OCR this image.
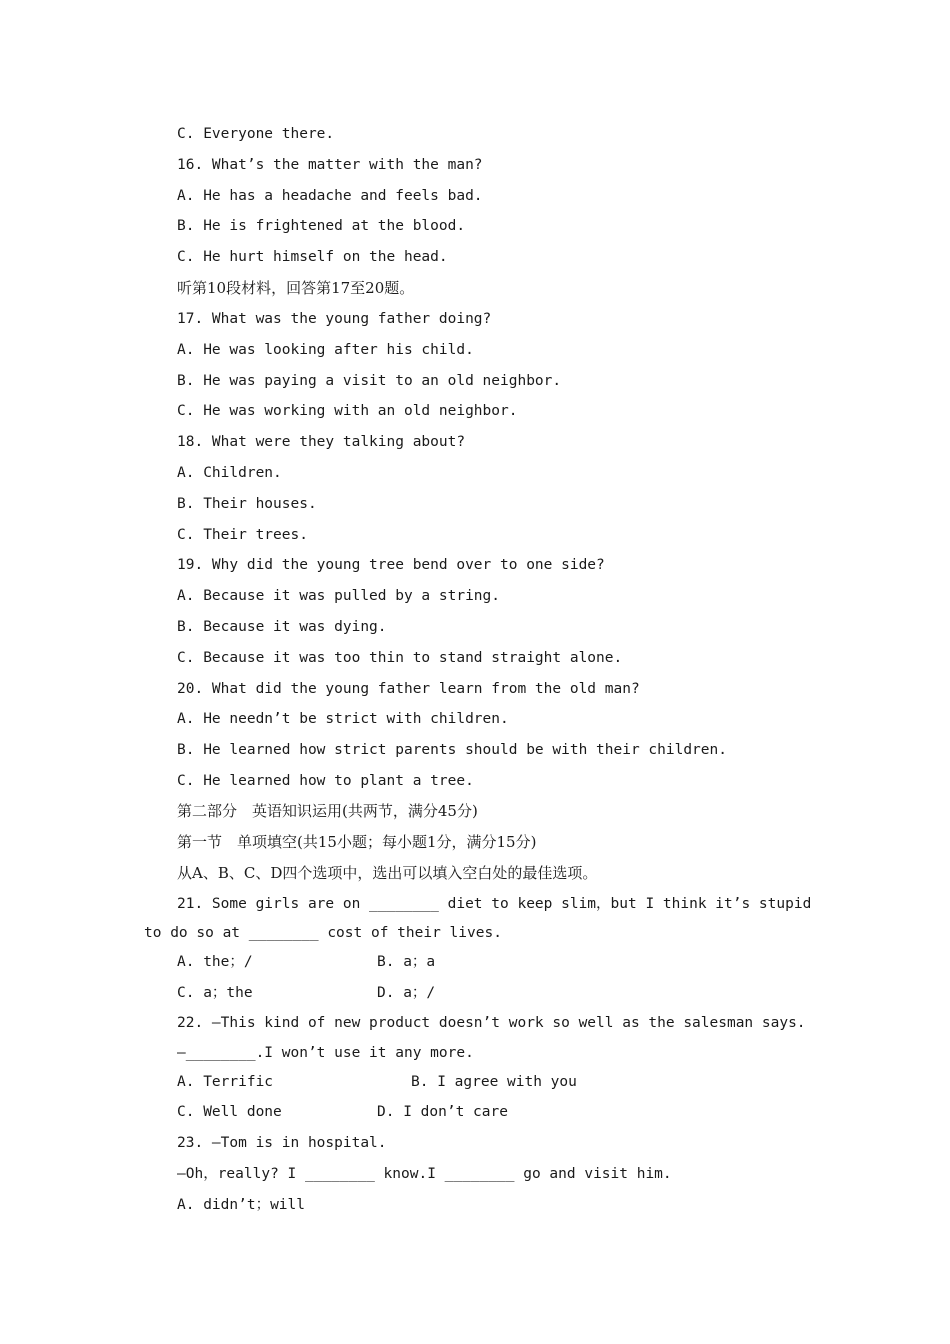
C. Everyone there.
16. What’s the matter with the man?
A. He has a headache and feels bad.
B. He is frightened at the blood.
C. He hurt himself on the head.
听第10段材料，回答第17至20题。
17. What was the young father doing?
A. He was looking after his child.
B. He was paying a visit to an old neighbor.
C. He was working with an old neighbor.
18. What were they talking about?
A. Children.
B. Their houses.
C. Their trees.
19. Why did the young tree bend over to one side?
A. Because it was pulled by a string.
B. Because it was dying.
C. Because it was too thin to stand straight alone.
20. What did the young father learn from the old man?
A. He needn’t be strict with children.
B. He learned how strict parents should be with their children.
C. He learned how to plant a tree.
第二部分　英语知识运用(共两节，满分45分)
第一节　单项填空(共15小题；每小题1分，满分15分)
从A、B、C、D四个选项中，选出可以填入空白处的最佳选项。
21. Some girls are on ________ diet to keep slim，but I think it’s stupid
to do so at ________ cost of their lives.
A. the；/	B. a；a
C. a；the	D. a；/
22. —This kind of new product doesn’t work so well as the salesman says.
—________.I won’t use it any more.
A. Terrific	B. I agree with you
C. Well done	D. I don’t care
23. —Tom is in hospital.
—Oh，really? I ________ know.I ________ go and visit him.
A. didn’t；will
